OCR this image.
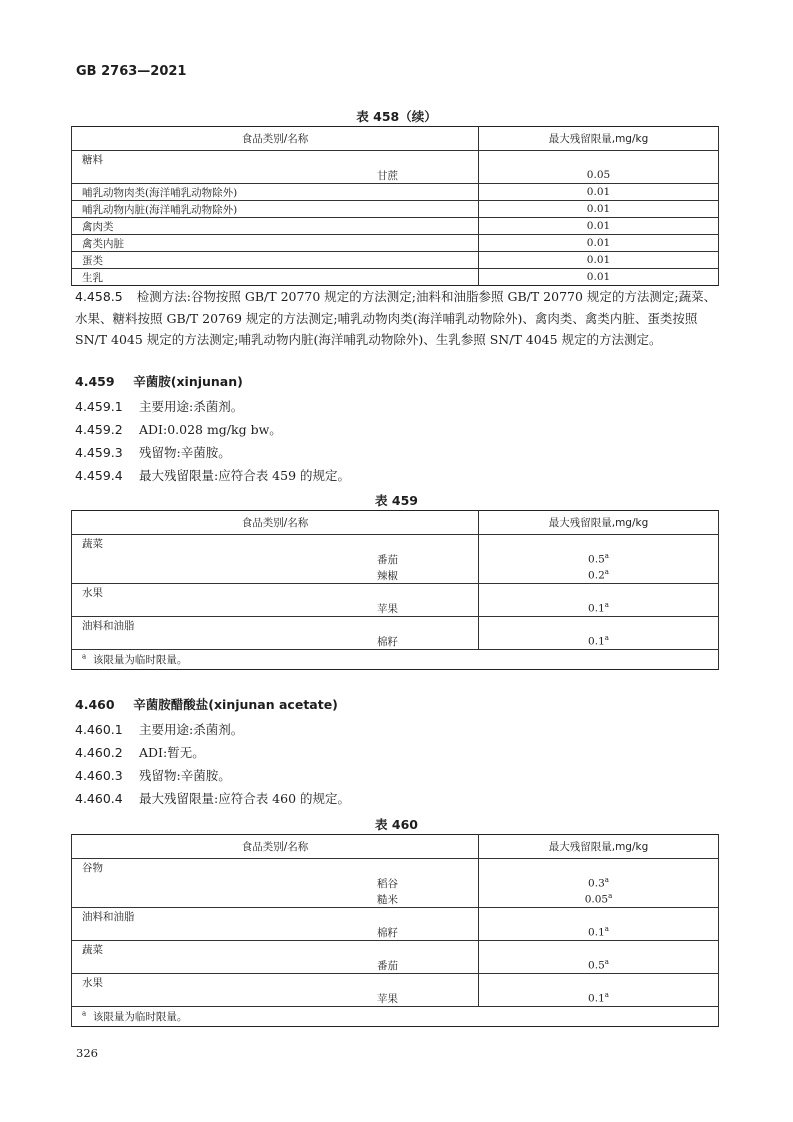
GB 2763—2021
表 458（续）
食品类别/名称	最大残留限量,mg/kg
糖料	
甘蔗	0.05
哺乳动物肉类(海洋哺乳动物除外)	0.01
哺乳动物内脏(海洋哺乳动物除外)	0.01
禽肉类	0.01
禽类内脏	0.01
蛋类	0.01
生乳	0.01
4.458.5 检测方法:谷物按照 GB/T 20770 规定的方法测定;油料和油脂参照 GB/T 20770 规定的方法测定;蔬菜、水果、糖料按照 GB/T 20769 规定的方法测定;哺乳动物肉类(海洋哺乳动物除外)、禽肉类、禽类内脏、蛋类按照 SN/T 4045 规定的方法测定;哺乳动物内脏(海洋哺乳动物除外)、生乳参照 SN/T 4045 规定的方法测定。
4.459 辛菌胺(xinjunan)
4.459.1 主要用途:杀菌剂。
4.459.2 ADI:0.028 mg/kg bw。
4.459.3 残留物:辛菌胺。
4.459.4 最大残留限量:应符合表 459 的规定。
表 459
食品类别/名称	最大残留限量,mg/kg
蔬菜	
番茄	0.5$^a$
辣椒	0.2$^a$
水果	
苹果	0.1$^a$
油料和油脂	
棉籽	0.1$^a$
$^a$ 该限量为临时限量。	
4.460 辛菌胺醋酸盐(xinjunan acetate)
4.460.1 主要用途:杀菌剂。
4.460.2 ADI:暂无。
4.460.3 残留物:辛菌胺。
4.460.4 最大残留限量:应符合表 460 的规定。
表 460
食品类别/名称	最大残留限量,mg/kg
谷物	
稻谷	0.3$^a$
糙米	0.05$^a$
油料和油脂	
棉籽	0.1$^a$
蔬菜	
番茄	0.5$^a$
水果	
苹果	0.1$^a$
$^a$ 该限量为临时限量。	
326
